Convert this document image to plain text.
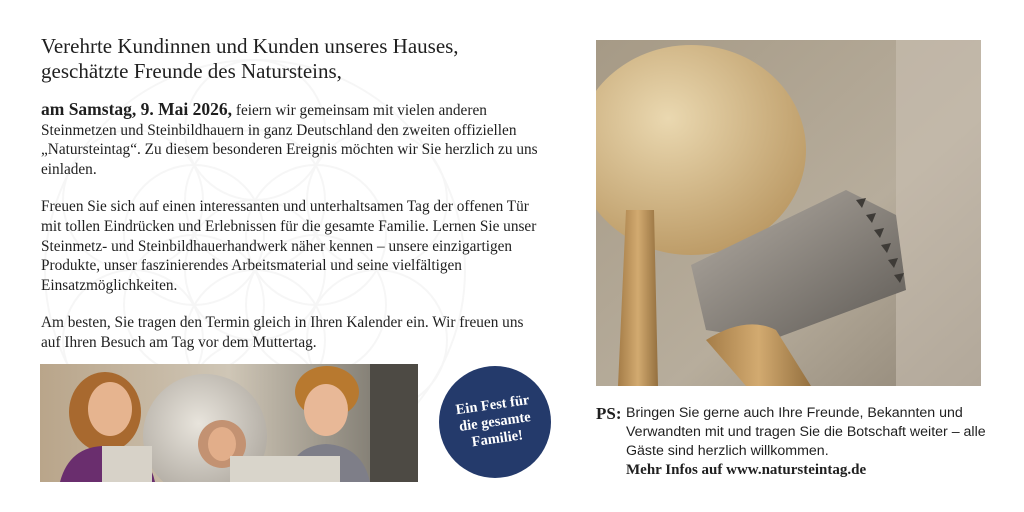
Verehrte Kundinnen und Kunden unseres Hauses,
geschätzte Freunde des Natursteins,

am Samstag, 9. Mai 2026, feiern wir gemeinsam mit vielen anderen Steinmetzen und Steinbildhauern in ganz Deutschland den zweiten offiziellen „Natursteintag“. Zu diesem besonderen Ereignis möchten wir Sie herzlich zu uns einladen.

Freuen Sie sich auf einen interessanten und unterhaltsamen Tag der offenen Tür mit tollen Eindrücken und Erlebnissen für die gesamte Familie. Lernen Sie unser Steinmetz- und Steinbildhauerhandwerk näher kennen – unsere einzigartigen Produkte, unser faszinierendes Arbeitsmaterial und seine vielfältigen Einsatzmöglichkeiten.

Am besten, Sie tragen den Termin gleich in Ihren Kalender ein. Wir freuen uns auf Ihren Besuch am Tag vor dem Muttertag.

Ein Fest für die gesamte Familie!
PS: Bringen Sie gerne auch Ihre Freunde, Bekannten und Verwandten mit und tragen Sie die Botschaft weiter – alle Gäste sind herzlich willkommen.
Mehr Infos auf www.natursteintag.de
